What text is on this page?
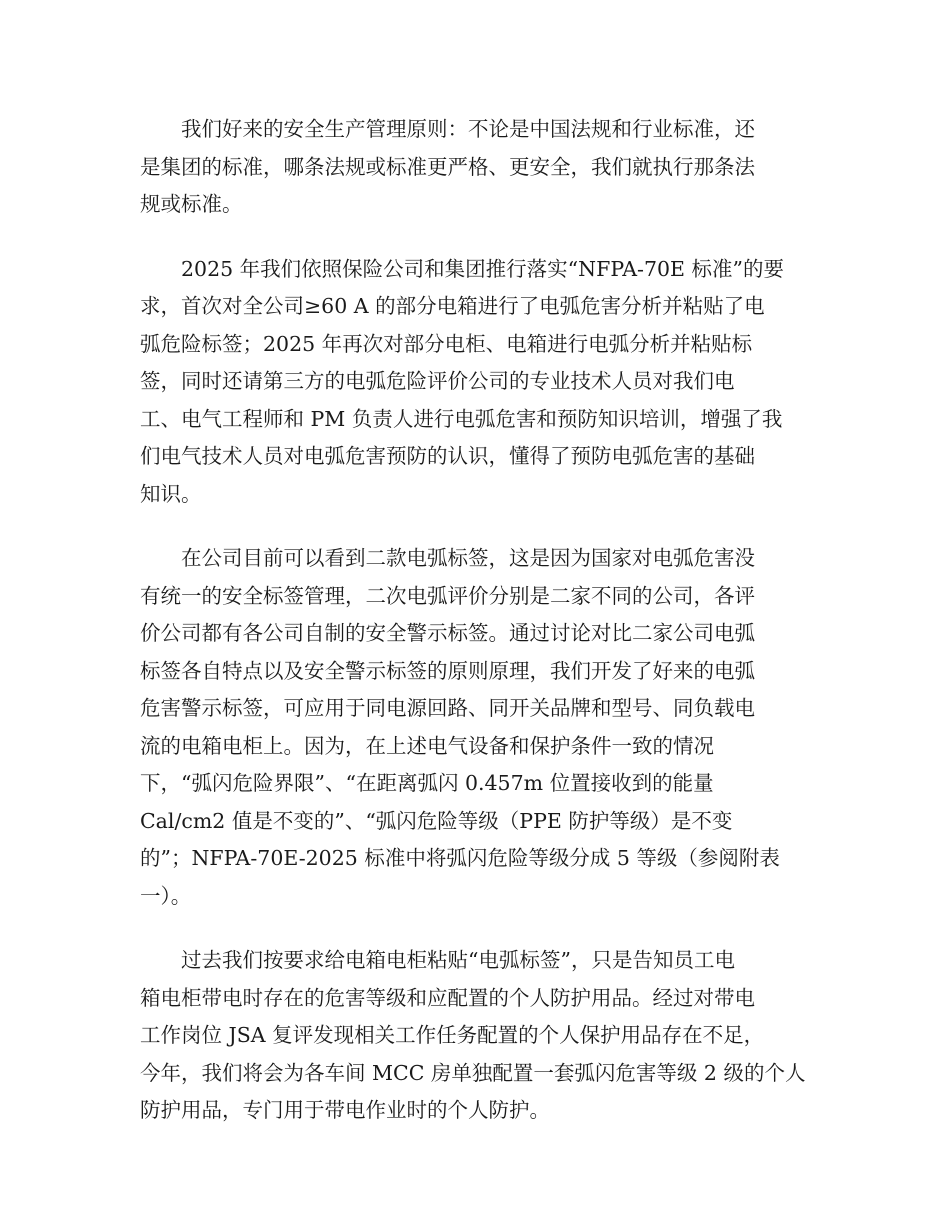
我们好来的安全生产管理原则：不论是中国法规和行业标准，还
是集团的标准，哪条法规或标准更严格、更安全，我们就执行那条法
规或标准。
2025 年我们依照保险公司和集团推行落实“NFPA-70E 标准”的要
求，首次对全公司≥60 A 的部分电箱进行了电弧危害分析并粘贴了电
弧危险标签；2025 年再次对部分电柜、电箱进行电弧分析并粘贴标
签，同时还请第三方的电弧危险评价公司的专业技术人员对我们电
工、电气工程师和 PM 负责人进行电弧危害和预防知识培训，增强了我
们电气技术人员对电弧危害预防的认识，懂得了预防电弧危害的基础
知识。
在公司目前可以看到二款电弧标签，这是因为国家对电弧危害没
有统一的安全标签管理，二次电弧评价分别是二家不同的公司，各评
价公司都有各公司自制的安全警示标签。通过讨论对比二家公司电弧
标签各自特点以及安全警示标签的原则原理，我们开发了好来的电弧
危害警示标签，可应用于同电源回路、同开关品牌和型号、同负载电
流的电箱电柜上。因为，在上述电气设备和保护条件一致的情况
下，“弧闪危险界限”、“在距离弧闪 0.457m 位置接收到的能量
Cal/cm2 值是不变的”、“弧闪危险等级（PPE 防护等级）是不变
的”；NFPA-70E-2025 标准中将弧闪危险等级分成 5 等级（参阅附表
一）。
过去我们按要求给电箱电柜粘贴“电弧标签”，只是告知员工电
箱电柜带电时存在的危害等级和应配置的个人防护用品。经过对带电
工作岗位 JSA 复评发现相关工作任务配置的个人保护用品存在不足，
今年，我们将会为各车间 MCC 房单独配置一套弧闪危害等级 2 级的个人
防护用品，专门用于带电作业时的个人防护。
